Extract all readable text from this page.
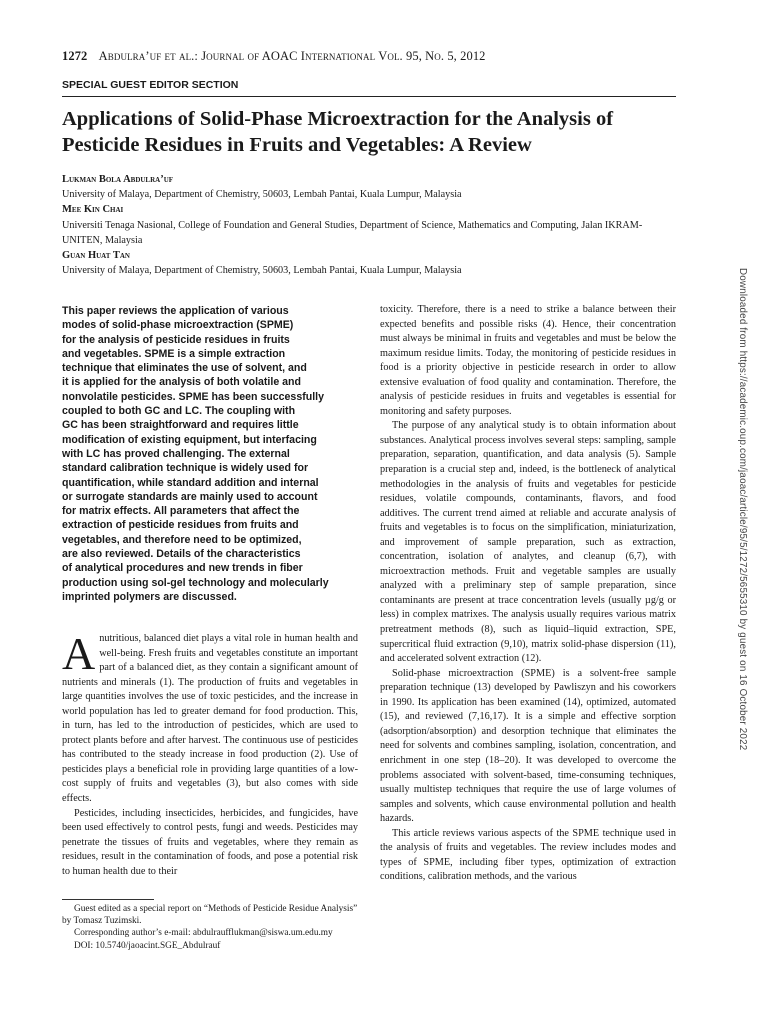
1272 Abdulra’uf et al.: Journal of AOAC International Vol. 95, No. 5, 2012
SPECIAL GUEST EDITOR SECTION
Applications of Solid-Phase Microextraction for the Analysis of Pesticide Residues in Fruits and Vegetables: A Review
Lukman Bola Abdulra’uf
University of Malaya, Department of Chemistry, 50603, Lembah Pantai, Kuala Lumpur, Malaysia
Mee Kin Chai
Universiti Tenaga Nasional, College of Foundation and General Studies, Department of Science, Mathematics and Computing, Jalan IKRAM-UNITEN, Malaysia
Guan Huat Tan
University of Malaya, Department of Chemistry, 50603, Lembah Pantai, Kuala Lumpur, Malaysia
This paper reviews the application of various
modes of solid-phase microextraction (SPME)
for the analysis of pesticide residues in fruits
and vegetables. SPME is a simple extraction
technique that eliminates the use of solvent, and
it is applied for the analysis of both volatile and
nonvolatile pesticides. SPME has been successfully
coupled to both GC and LC. The coupling with
GC has been straightforward and requires little
modification of existing equipment, but interfacing
with LC has proved challenging. The external
standard calibration technique is widely used for
quantification, while standard addition and internal
or surrogate standards are mainly used to account
for matrix effects. All parameters that affect the
extraction of pesticide residues from fruits and
vegetables, and therefore need to be optimized,
are also reviewed. Details of the characteristics
of analytical procedures and new trends in fiber
production using sol-gel technology and molecularly
imprinted polymers are discussed.

Anutritious, balanced diet plays a vital role in human health and well-being. Fresh fruits and vegetables constitute an important part of a balanced diet, as they contain a significant amount of nutrients and minerals (1). The production of fruits and vegetables in large quantities involves the use of toxic pesticides, and the increase in world population has led to greater demand for food production. This, in turn, has led to the introduction of pesticides, which are used to protect plants before and after harvest. The continuous use of pesticides has contributed to the steady increase in food production (2). Use of pesticides plays a beneficial role in providing large quantities of a low-cost supply of fruits and vegetables (3), but also comes with side effects.

Pesticides, including insecticides, herbicides, and fungicides, have been used effectively to control pests, fungi and weeds. Pesticides may penetrate the tissues of fruits and vegetables, where they remain as residues, result in the contamination of foods, and pose a potential risk to human health due to their

toxicity. Therefore, there is a need to strike a balance between their expected benefits and possible risks (4). Hence, their concentration must always be minimal in fruits and vegetables and must be below the maximum residue limits. Today, the monitoring of pesticide residues in food is a priority objective in pesticide research in order to allow extensive evaluation of food quality and contamination. Therefore, the analysis of pesticide residues in fruits and vegetables is essential for monitoring and safety purposes.

The purpose of any analytical study is to obtain information about substances. Analytical process involves several steps: sampling, sample preparation, separation, quantification, and data analysis (5). Sample preparation is a crucial step and, indeed, is the bottleneck of analytical methodologies in the analysis of fruits and vegetables for pesticide residues, volatile compounds, contaminants, flavors, and food additives. The current trend aimed at reliable and accurate analysis of fruits and vegetables is to focus on the simplification, miniaturization, and improvement of sample preparation, such as extraction, concentration, isolation of analytes, and cleanup (6,7), with microextraction methods. Fruit and vegetable samples are usually analyzed with a preliminary step of sample preparation, since contaminants are present at trace concentration levels (usually µg/g or less) in complex matrixes. The analysis usually requires various matrix pretreatment methods (8), such as liquid–liquid extraction, SPE, supercritical fluid extraction (9,10), matrix solid-phase dispersion (11), and accelerated solvent extraction (12).

Solid-phase microextraction (SPME) is a solvent-free sample preparation technique (13) developed by Pawliszyn and his coworkers in 1990. Its application has been examined (14), optimized, automated (15), and reviewed (7,16,17). It is a simple and effective sorption (adsorption/absorption) and desorption technique that eliminates the need for solvents and combines sampling, isolation, concentration, and enrichment in one step (18–20). It was developed to overcome the problems associated with solvent-based, time-consuming techniques, usually multistep techniques that require the use of large volumes of samples and solvents, which cause environmental pollution and health hazards.

This article reviews various aspects of the SPME technique used in the analysis of fruits and vegetables. The review includes modes and types of SPME, including fiber types, optimization of extraction conditions, calibration methods, and the various

Guest edited as a special report on “Methods of Pesticide Residue Analysis” by Tomasz Tuzimski.

Corresponding author’s e-mail: abdulraufflukman@siswa.um.edu.my

DOI: 10.5740/jaoacint.SGE_Abdulrauf

Downloaded from https://academic.oup.com/jaoac/article/95/5/1272/5655310 by guest on 16 October 2022
